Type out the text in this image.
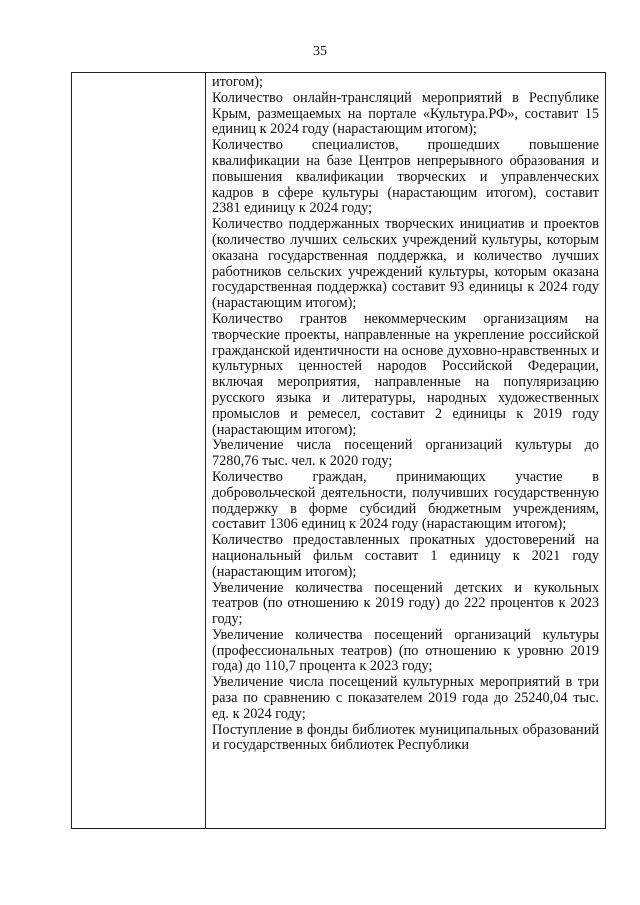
35

итогом);

Количество онлайн-трансляций мероприятий в Республике Крым, размещаемых на портале «Культура.РФ», составит 15 единиц к 2024 году (нарастающим итогом);

Количество специалистов, прошедших повышение квалификации на базе Центров непрерывного образования и повышения квалификации творческих и управленческих кадров в сфере культуры (нарастающим итогом), составит 2381 единицу к 2024 году;

Количество поддержанных творческих инициатив и проектов (количество лучших сельских учреждений культуры, которым оказана государственная поддержка, и количество лучших работников сельских учреждений культуры, которым оказана государственная поддержка) составит 93 единицы к 2024 году (нарастающим итогом);

Количество грантов некоммерческим организациям на творческие проекты, направленные на укрепление российской гражданской идентичности на основе духовно-нравственных и культурных ценностей народов Российской Федерации, включая мероприятия, направленные на популяризацию русского языка и литературы, народных художественных промыслов и ремесел, составит 2 единицы к 2019 году (нарастающим итогом);

Увеличение числа посещений организаций культуры до 7280,76 тыс. чел. к 2020 году;

Количество граждан, принимающих участие в добровольческой деятельности, получивших государственную поддержку в форме субсидий бюджетным учреждениям, составит 1306 единиц к 2024 году (нарастающим итогом);

Количество предоставленных прокатных удостоверений на национальный фильм составит 1 единицу к 2021 году (нарастающим итогом);

Увеличение количества посещений детских и кукольных театров (по отношению к 2019 году) до 222 процентов к 2023 году;

Увеличение количества посещений организаций культуры (профессиональных театров) (по отношению к уровню 2019 года) до 110,7 процента к 2023 году;

Увеличение числа посещений культурных мероприятий в три раза по сравнению с показателем 2019 года до 25240,04 тыс. ед. к 2024 году;

Поступление в фонды библиотек муниципальных образований и государственных библиотек Республики
